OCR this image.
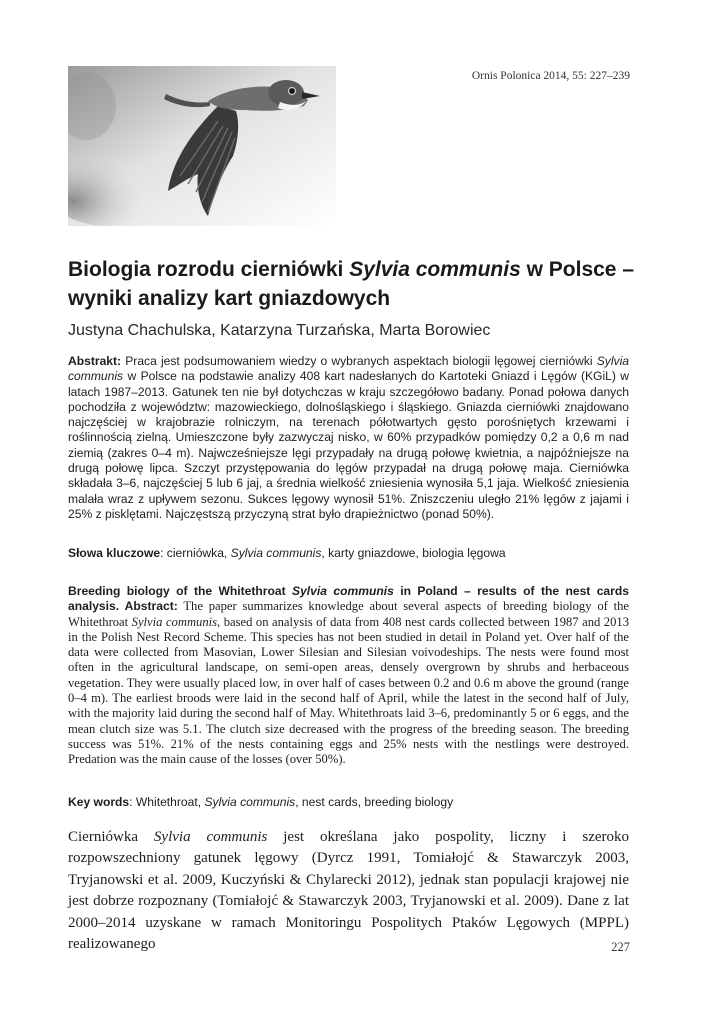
Ornis Polonica 2014, 55: 227–239
Biologia rozrodu cierniówki Sylvia communis w Polsce –
wyniki analizy kart gniazdowych
Justyna Chachulska, Katarzyna Turzańska, Marta Borowiec
Abstrakt: Praca jest podsumowaniem wiedzy o wybranych aspektach biologii lęgowej cierniówki Sylvia communis w Polsce na podstawie analizy 408 kart nadesłanych do Kartoteki Gniazd i Lęgów (KGiL) w latach 1987–2013. Gatunek ten nie był dotychczas w kraju szczegółowo badany. Ponad połowa danych pochodziła z województw: mazowieckiego, dolnośląskiego i śląskiego. Gniazda cierniówki znajdowano najczęściej w krajobrazie rolniczym, na terenach półotwartych gęsto porośniętych krzewami i roślinnością zielną. Umieszczone były zazwyczaj nisko, w 60% przypadków pomiędzy 0,2 a 0,6 m nad ziemią (zakres 0–4 m). Najwcześniejsze lęgi przypadały na drugą połowę kwietnia, a najpóźniejsze na drugą połowę lipca. Szczyt przystępowania do lęgów przypadał na drugą połowę maja. Cierniówka składała 3–6, najczęściej 5 lub 6 jaj, a średnia wielkość zniesienia wynosiła 5,1 jaja. Wielkość zniesienia malała wraz z upływem sezonu. Sukces lęgowy wynosił 51%. Zniszczeniu uległo 21% lęgów z jajami i 25% z pisklętami. Najczęstszą przyczyną strat było drapieżnictwo (ponad 50%).
Słowa kluczowe: cierniówka, Sylvia communis, karty gniazdowe, biologia lęgowa
Breeding biology of the Whitethroat Sylvia communis in Poland – results of the nest cards analysis. Abstract: The paper summarizes knowledge about several aspects of breeding biology of the Whitethroat Sylvia communis, based on analysis of data from 408 nest cards collected between 1987 and 2013 in the Polish Nest Record Scheme. This species has not been studied in detail in Poland yet. Over half of the data were collected from Masovian, Lower Silesian and Silesian voivodeships. The nests were found most often in the agricultural landscape, on semi-open areas, densely overgrown by shrubs and herbaceous vegetation. They were usually placed low, in over half of cases between 0.2 and 0.6 m above the ground (range 0–4 m). The earliest broods were laid in the second half of April, while the latest in the second half of July, with the majority laid during the second half of May. Whitethroats laid 3–6, predominantly 5 or 6 eggs, and the mean clutch size was 5.1. The clutch size decreased with the progress of the breeding season. The breeding success was 51%. 21% of the nests containing eggs and 25% nests with the nestlings were destroyed. Predation was the main cause of the losses (over 50%).
Key words: Whitethroat, Sylvia communis, nest cards, breeding biology
Cierniówka Sylvia communis jest określana jako pospolity, liczny i szeroko rozpowszechniony gatunek lęgowy (Dyrcz 1991, Tomiałojć & Stawarczyk 2003, Tryjanowski et al. 2009, Kuczyński & Chylarecki 2012), jednak stan populacji krajowej nie jest dobrze rozpoznany (Tomiałojć & Stawarczyk 2003, Tryjanowski et al. 2009). Dane z lat 2000–2014 uzyskane w ramach Monitoringu Pospolitych Ptaków Lęgowych (MPPL) realizowanego	227
